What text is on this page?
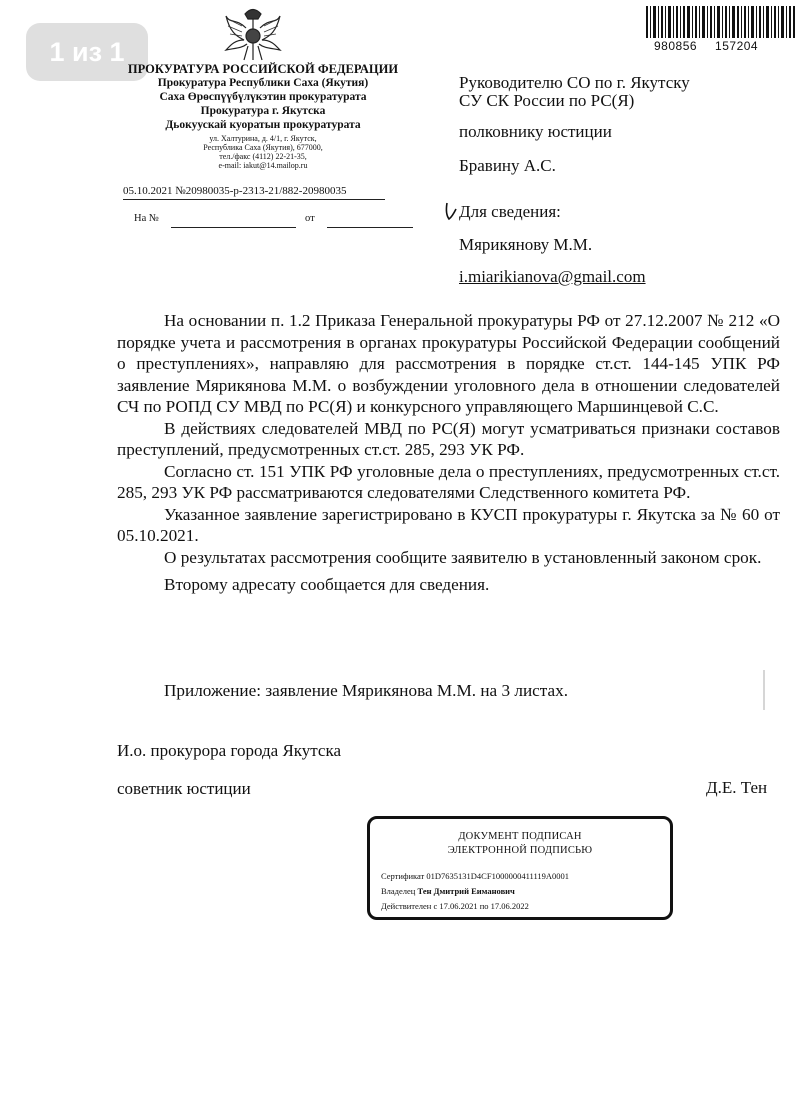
1 из 1
ПРОКУРАТУРА РОССИЙСКОЙ ФЕДЕРАЦИИ
Прокуратура Республики Саха (Якутия)
Саха Өрөспүүбүлүкэтин прокуратурата
Прокуратура г. Якутска
Дьокуускай куоратын прокуратурата
ул. Халтурина, д. 4/1, г. Якутск,
Республика Саха (Якутия), 677000,
тел./факс (4112) 22-21-35,
e-mail: iakut@14.mailop.ru
05.10.2021 №20980035-р-2313-21/882-20980035
На №	от
980856 157204
Руководителю СО по г. Якутску
СУ СК России по РС(Я)
полковнику юстиции
Бравину А.С.
Для сведения:
Мярикянову М.М.
i.miarikianova@gmail.com

На основании п. 1.2 Приказа Генеральной прокуратуры РФ от 27.12.2007 № 212 «О порядке учета и рассмотрения в органах прокуратуры Российской Федерации сообщений о преступлениях», направляю для рассмотрения в порядке ст.ст. 144-145 УПК РФ заявление Мярикянова М.М. о возбуждении уголовного дела в отношении следователей СЧ по РОПД СУ МВД по РС(Я) и конкурсного управляющего Маршинцевой С.С.

В действиях следователей МВД по РС(Я) могут усматриваться признаки составов преступлений, предусмотренных ст.ст. 285, 293 УК РФ.

Согласно ст. 151 УПК РФ уголовные дела о преступлениях, предусмотренных ст.ст. 285, 293 УК РФ рассматриваются следователями Следственного комитета РФ.

Указанное заявление зарегистрировано в КУСП прокуратуры г. Якутска за № 60 от 05.10.2021.

О результатах рассмотрения сообщите заявителю в установленный законом срок.

Второму адресату сообщается для сведения.

Приложение: заявление Мярикянова М.М. на 3 листах.

И.о. прокурора города Якутска
советник юстиции	Д.Е. Тен
ДОКУМЕНТ ПОДПИСАН
ЭЛЕКТРОННОЙ ПОДПИСЬЮ
Сертификат 01D7635131D4CF1000000411119A0001
Владелец Тен Дмитрий Еиманович
Действителен с 17.06.2021 по 17.06.2022
